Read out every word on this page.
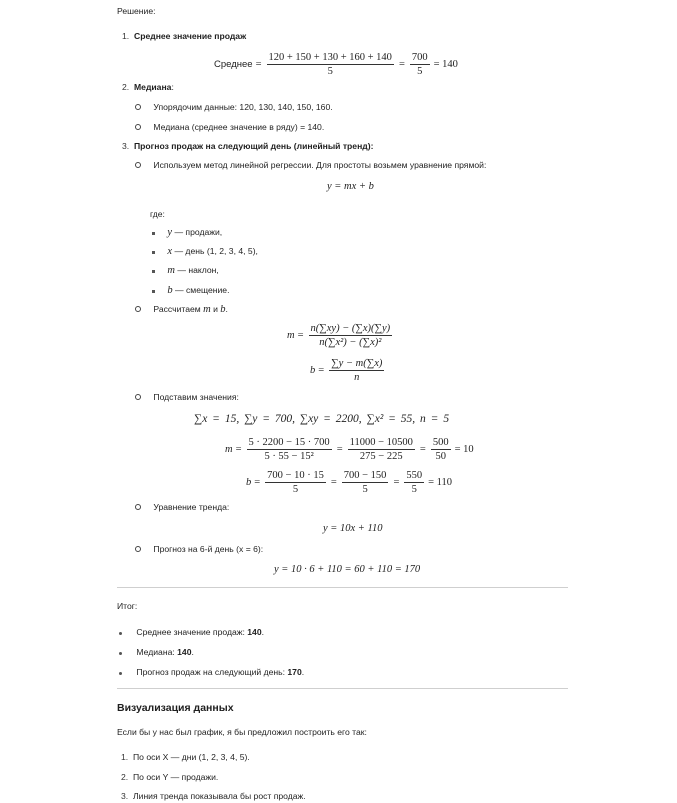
Решение:
1. Среднее значение продаж
Среднее = $\frac{120 + 150 + 130 + 160 + 140}{5} = \frac{700}{5} = 140$
2. Медиана:
Упорядочим данные: 120, 130, 140, 150, 160.
Медиана (среднее значение в ряду) = 140.
3. Прогноз продаж на следующий день (линейный тренд):
Используем метод линейной регрессии. Для простоты возьмем уравнение прямой:
y = mx + b
где:
y — продажи,
x — день (1, 2, 3, 4, 5),
m — наклон,
b — смещение.
Рассчитаем m и b.
$m = \frac{n(\sum xy) - (\sum x)(\sum y)}{\text{n(∑x²) − (∑x)²}}$
$b = \frac{\sum y - m(\sum x)}{n}$
Подставим значения:
∑x = 15, ∑y = 700, ∑xy = 2200, ∑x² = 55, n = 5
$m = \frac{5 \cdot 2200 - 15 \cdot 700}{\text{5 · 55 − 15²}} = \frac{11000 - 10500}{275 - 225} = \frac{500}{50} = 10$
$b = \frac{700 - 10 \cdot 15}{5} = \frac{700 - 150}{5} = \frac{550}{5} = 110$
Уравнение тренда:
y = 10x + 110
Прогноз на 6-й день (x = 6):
y = 10 · 6 + 110 = 60 + 110 = 170
Итог:
Среднее значение продаж: 140.
Медиана: 140.
Прогноз продаж на следующий день: 170.
Визуализация данных
Если бы у нас был график, я бы предложил построить его так:
1. По оси X — дни (1, 2, 3, 4, 5).
2. По оси Y — продажи.
3. Линия тренда показывала бы рост продаж.
